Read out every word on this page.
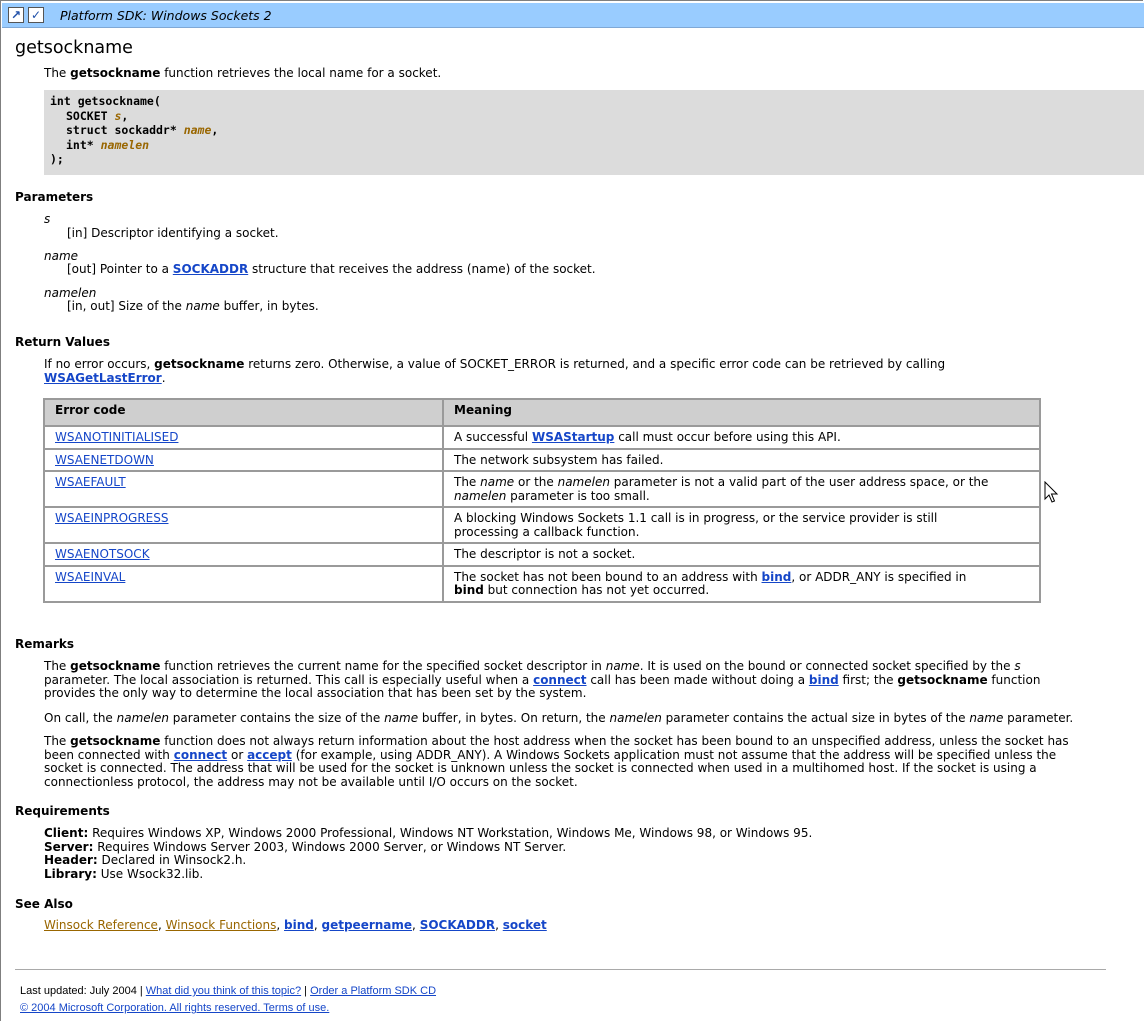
↗ ✓ Platform SDK: Windows Sockets 2
getsockname
The getsockname function retrieves the local name for a socket.
int getsockname(
SOCKET s,
struct sockaddr* name,
int* namelen
);
Parameters
s
[in] Descriptor identifying a socket.
name
[out] Pointer to a SOCKADDR structure that receives the address (name) of the socket.
namelen
[in, out] Size of the name buffer, in bytes.
Return Values
If no error occurs, getsockname returns zero. Otherwise, a value of SOCKET_ERROR is returned, and a specific error code can be retrieved by calling
WSAGetLastError.
Error code	Meaning
WSANOTINITIALISED	A successful WSAStartup call must occur before using this API.
WSAENETDOWN	The network subsystem has failed.
WSAEFAULT	The name or the namelen parameter is not a valid part of the user address space, or the
namelen parameter is too small.
WSAEINPROGRESS	A blocking Windows Sockets 1.1 call is in progress, or the service provider is still
processing a callback function.
WSAENOTSOCK	The descriptor is not a socket.
WSAEINVAL	The socket has not been bound to an address with bind, or ADDR_ANY is specified in
bind but connection has not yet occurred.
Remarks
The getsockname function retrieves the current name for the specified socket descriptor in name. It is used on the bound or connected socket specified by the s
parameter. The local association is returned. This call is especially useful when a connect call has been made without doing a bind first; the getsockname function
provides the only way to determine the local association that has been set by the system.
On call, the namelen parameter contains the size of the name buffer, in bytes. On return, the namelen parameter contains the actual size in bytes of the name parameter.
The getsockname function does not always return information about the host address when the socket has been bound to an unspecified address, unless the socket has
been connected with connect or accept (for example, using ADDR_ANY). A Windows Sockets application must not assume that the address will be specified unless the
socket is connected. The address that will be used for the socket is unknown unless the socket is connected when used in a multihomed host. If the socket is using a
connectionless protocol, the address may not be available until I/O occurs on the socket.
Requirements
Client: Requires Windows XP, Windows 2000 Professional, Windows NT Workstation, Windows Me, Windows 98, or Windows 95.
Server: Requires Windows Server 2003, Windows 2000 Server, or Windows NT Server.
Header: Declared in Winsock2.h.
Library: Use Wsock32.lib.
See Also
Winsock Reference, Winsock Functions, bind, getpeername, SOCKADDR, socket
Last updated: July 2004 | What did you think of this topic? | Order a Platform SDK CD
© 2004 Microsoft Corporation. All rights reserved. Terms of use.
